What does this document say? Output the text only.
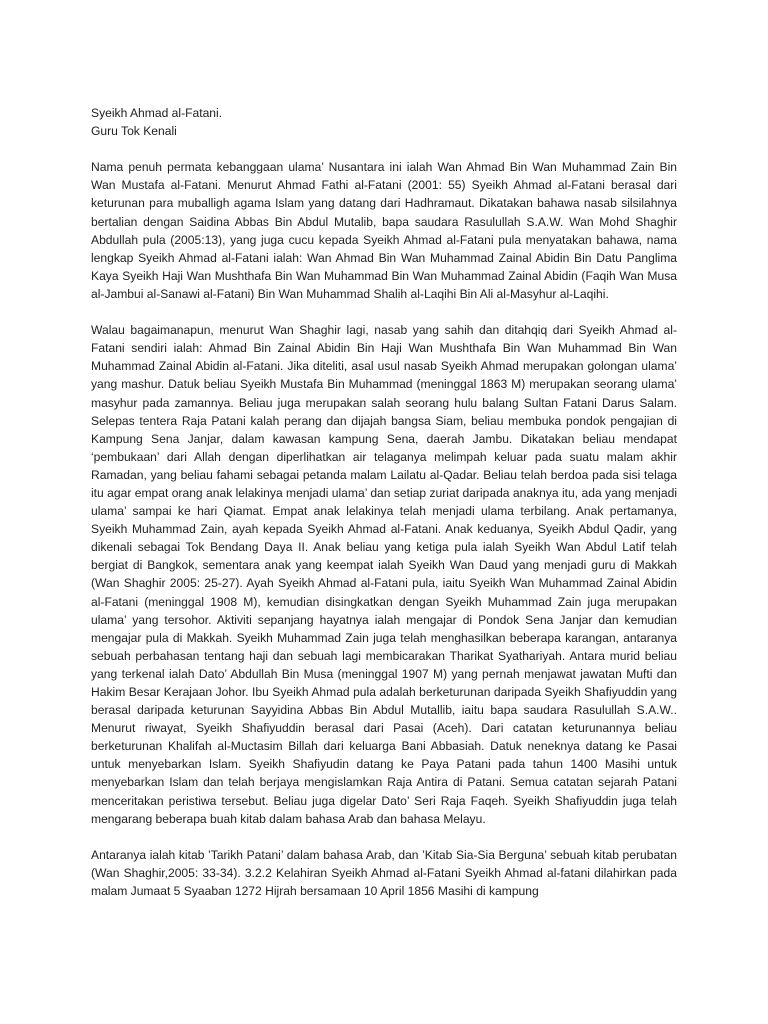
Syeikh Ahmad al-Fatani.

Guru Tok Kenali

Nama penuh permata kebanggaan ulama’ Nusantara ini ialah Wan Ahmad Bin Wan Muhammad Zain Bin Wan Mustafa al-Fatani. Menurut Ahmad Fathi al-Fatani (2001: 55) Syeikh Ahmad al-Fatani berasal dari keturunan para muballigh agama Islam yang datang dari Hadhramaut. Dikatakan bahawa nasab silsilahnya bertalian dengan Saidina Abbas Bin Abdul Mutalib, bapa saudara Rasulullah S.A.W. Wan Mohd Shaghir Abdullah pula (2005:13), yang juga cucu kepada Syeikh Ahmad al-Fatani pula menyatakan bahawa, nama lengkap Syeikh Ahmad al-Fatani ialah: Wan Ahmad Bin Wan Muhammad Zainal Abidin Bin Datu Panglima Kaya Syeikh Haji Wan Mushthafa Bin Wan Muhammad Bin Wan Muhammad Zainal Abidin (Faqih Wan Musa al-Jambui al-Sanawi al-Fatani) Bin Wan Muhammad Shalih al-Laqihi Bin Ali al-Masyhur al-Laqihi.

Walau bagaimanapun, menurut Wan Shaghir lagi, nasab yang sahih dan ditahqiq dari Syeikh Ahmad al-Fatani sendiri ialah: Ahmad Bin Zainal Abidin Bin Haji Wan Mushthafa Bin Wan Muhammad Bin Wan Muhammad Zainal Abidin al-Fatani. Jika diteliti, asal usul nasab Syeikh Ahmad merupakan golongan ulama’ yang mashur. Datuk beliau Syeikh Mustafa Bin Muhammad (meninggal 1863 M) merupakan seorang ulama’ masyhur pada zamannya. Beliau juga merupakan salah seorang hulu balang Sultan Fatani Darus Salam. Selepas tentera Raja Patani kalah perang dan dijajah bangsa Siam, beliau membuka pondok pengajian di Kampung Sena Janjar, dalam kawasan kampung Sena, daerah Jambu. Dikatakan beliau mendapat ‘pembukaan’ dari Allah dengan diperlihatkan air telaganya melimpah keluar pada suatu malam akhir Ramadan, yang beliau fahami sebagai petanda malam Lailatu al-Qadar. Beliau telah berdoa pada sisi telaga itu agar empat orang anak lelakinya menjadi ulama’ dan setiap zuriat daripada anaknya itu, ada yang menjadi ulama’ sampai ke hari Qiamat. Empat anak lelakinya telah menjadi ulama terbilang. Anak pertamanya, Syeikh Muhammad Zain, ayah kepada Syeikh Ahmad al-Fatani. Anak keduanya, Syeikh Abdul Qadir, yang dikenali sebagai Tok Bendang Daya II. Anak beliau yang ketiga pula ialah Syeikh Wan Abdul Latif telah bergiat di Bangkok, sementara anak yang keempat ialah Syeikh Wan Daud yang menjadi guru di Makkah (Wan Shaghir 2005: 25-27). Ayah Syeikh Ahmad al-Fatani pula, iaitu Syeikh Wan Muhammad Zainal Abidin al-Fatani (meninggal 1908 M), kemudian disingkatkan dengan Syeikh Muhammad Zain juga merupakan ulama’ yang tersohor. Aktiviti sepanjang hayatnya ialah mengajar di Pondok Sena Janjar dan kemudian mengajar pula di Makkah. Syeikh Muhammad Zain juga telah menghasilkan beberapa karangan, antaranya sebuah perbahasan tentang haji dan sebuah lagi membicarakan Tharikat Syathariyah. Antara murid beliau yang terkenal ialah Dato’ Abdullah Bin Musa (meninggal 1907 M) yang pernah menjawat jawatan Mufti dan Hakim Besar Kerajaan Johor. Ibu Syeikh Ahmad pula adalah berketurunan daripada Syeikh Shafiyuddin yang berasal daripada keturunan Sayyidina Abbas Bin Abdul Mutallib, iaitu bapa saudara Rasulullah S.A.W.. Menurut riwayat, Syeikh Shafiyuddin berasal dari Pasai (Aceh). Dari catatan keturunannya beliau berketurunan Khalifah al-Muctasim Billah dari keluarga Bani Abbasiah. Datuk neneknya datang ke Pasai untuk menyebarkan Islam. Syeikh Shafiyudin datang ke Paya Patani pada tahun 1400 Masihi untuk menyebarkan Islam dan telah berjaya mengislamkan Raja Antira di Patani. Semua catatan sejarah Patani menceritakan peristiwa tersebut. Beliau juga digelar Dato’ Seri Raja Faqeh. Syeikh Shafiyuddin juga telah mengarang beberapa buah kitab dalam bahasa Arab dan bahasa Melayu.

Antaranya ialah kitab ’Tarikh Patani’ dalam bahasa Arab, dan ’Kitab Sia-Sia Berguna’ sebuah kitab perubatan (Wan Shaghir,2005: 33-34). 3.2.2 Kelahiran Syeikh Ahmad al-Fatani Syeikh Ahmad al-fatani dilahirkan pada malam Jumaat 5 Syaaban 1272 Hijrah bersamaan 10 April 1856 Masihi di kampung
